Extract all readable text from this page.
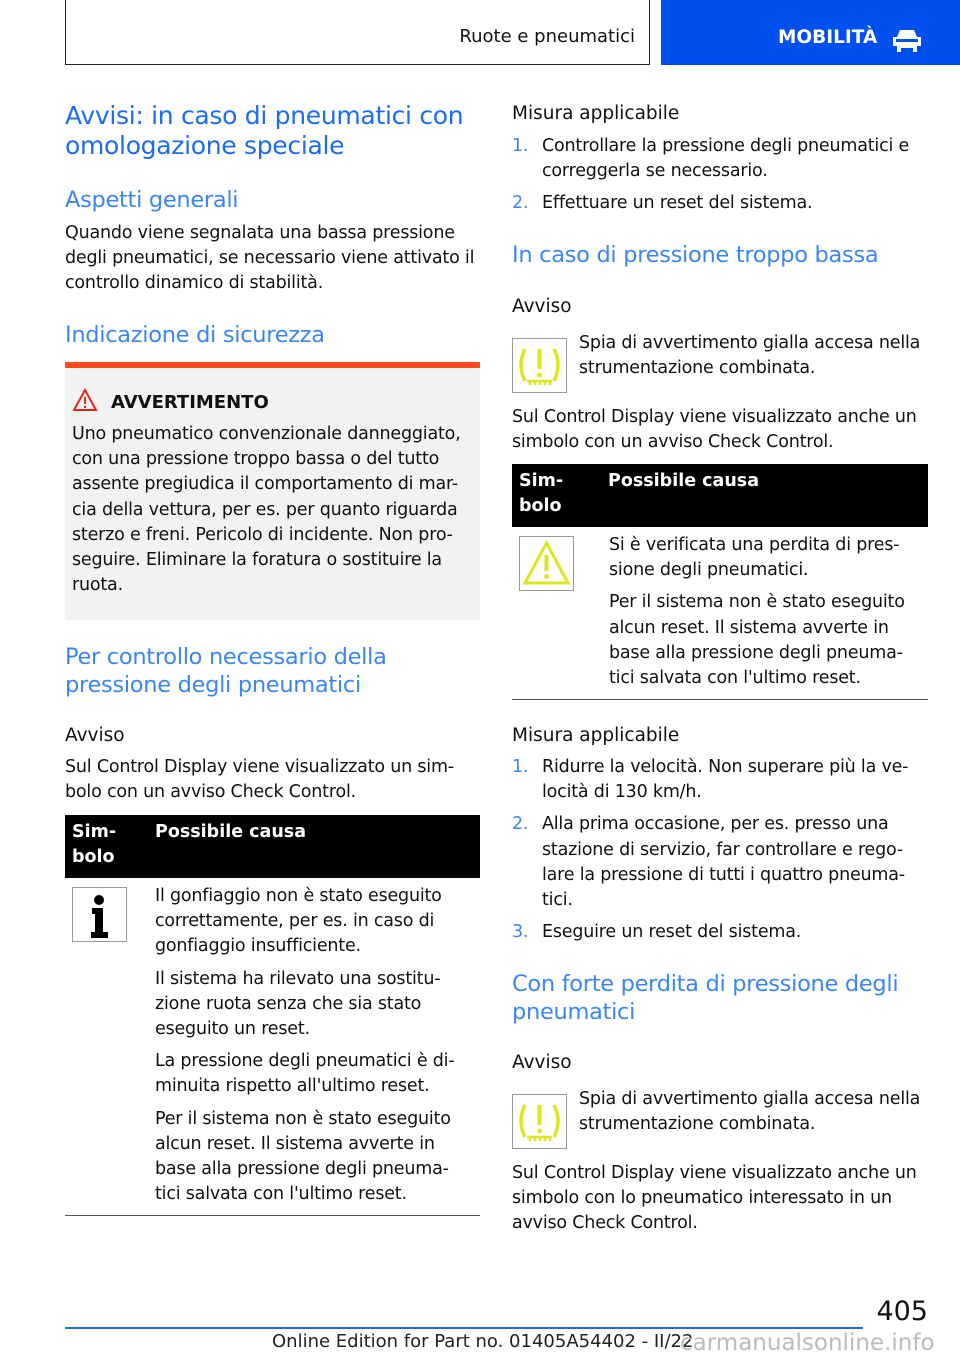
Ruote e pneumatici	MOBILITÀ
Avvisi: in caso di pneumatici con
omologazione speciale
Aspetti generali
Quando viene segnalata una bassa pressione
degli pneumatici, se necessario viene attivato il
controllo dinamico di stabilità.
Indicazione di sicurezza
AVVERTIMENTO
Uno pneumatico convenzionale danneggiato,
con una pressione troppo bassa o del tutto
assente pregiudica il comportamento di mar-
cia della vettura, per es. per quanto riguarda
sterzo e freni. Pericolo di incidente. Non pro-
seguire. Eliminare la foratura o sostituire la
ruota.
Per controllo necessario della
pressione degli pneumatici
Avviso
Sul Control Display viene visualizzato un sim-
bolo con un avviso Check Control.
Sim-
bolo
Possibile causa
Il gonfiaggio non è stato eseguito
correttamente, per es. in caso di
gonfiaggio insufficiente.
Il sistema ha rilevato una sostitu-
zione ruota senza che sia stato
eseguito un reset.
La pressione degli pneumatici è di-
minuita rispetto all'ultimo reset.
Per il sistema non è stato eseguito
alcun reset. Il sistema avverte in
base alla pressione degli pneuma-
tici salvata con l'ultimo reset.
Misura applicabile
1. Controllare la pressione degli pneumatici e
correggerla se necessario.
2. Effettuare un reset del sistema.
In caso di pressione troppo bassa
Avviso
Spia di avvertimento gialla accesa nella
strumentazione combinata.
Sul Control Display viene visualizzato anche un
simbolo con un avviso Check Control.
Sim-
bolo
Possibile causa
Si è verificata una perdita di pres-
sione degli pneumatici.
Per il sistema non è stato eseguito
alcun reset. Il sistema avverte in
base alla pressione degli pneuma-
tici salvata con l'ultimo reset.
Misura applicabile
1. Ridurre la velocità. Non superare più la ve-
locità di 130 km/h.
2. Alla prima occasione, per es. presso una
stazione di servizio, far controllare e rego-
lare la pressione di tutti i quattro pneuma-
tici.
3. Eseguire un reset del sistema.
Con forte perdita di pressione degli
pneumatici
Avviso
Spia di avvertimento gialla accesa nella
strumentazione combinata.
Sul Control Display viene visualizzato anche un
simbolo con lo pneumatico interessato in un
avviso Check Control.
405
Online Edition for Part no. 01405A54402 - II/22
carmanualsonline.info
